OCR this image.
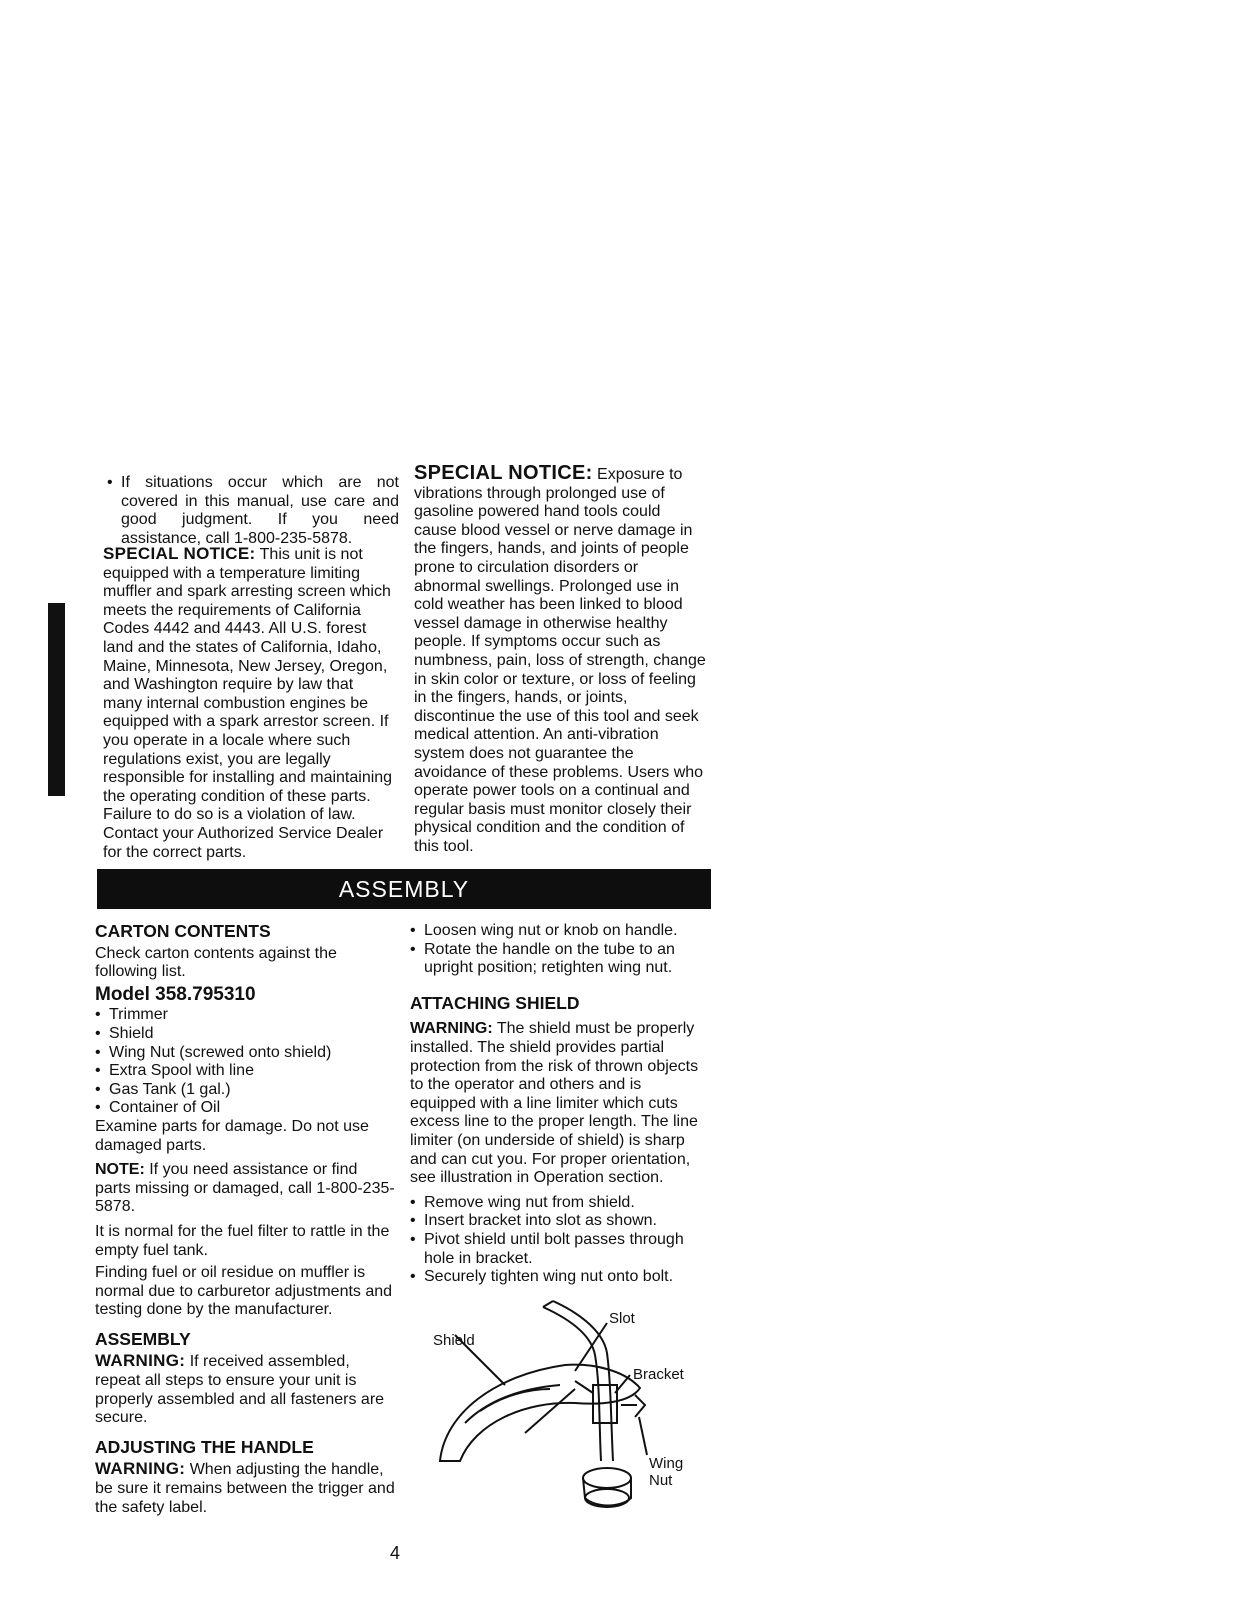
• If situations occur which are not covered in this manual, use care and good judgment. If you need assistance, call 1-800-235-5878.

SPECIAL NOTICE: This unit is not equipped with a temperature limiting muffler and spark arresting screen which meets the requirements of California Codes 4442 and 4443. All U.S. forest land and the states of California, Idaho, Maine, Minnesota, New Jersey, Oregon, and Washington require by law that many internal combustion engines be equipped with a spark arrestor screen. If you operate in a locale where such regulations exist, you are legally responsible for installing and maintaining the operating condition of these parts. Failure to do so is a violation of law. Contact your Authorized Service Dealer for the correct parts.

SPECIAL NOTICE: Exposure to vibrations through prolonged use of gasoline powered hand tools could cause blood vessel or nerve damage in the fingers, hands, and joints of people prone to circulation disorders or abnormal swellings. Prolonged use in cold weather has been linked to blood vessel damage in otherwise healthy people. If symptoms occur such as numbness, pain, loss of strength, change in skin color or texture, or loss of feeling in the fingers, hands, or joints, discontinue the use of this tool and seek medical attention. An anti-vibration system does not guarantee the avoidance of these problems. Users who operate power tools on a continual and regular basis must monitor closely their physical condition and the condition of this tool.

ASSEMBLY

CARTON CONTENTS

Check carton contents against the following list.

Model 358.795310

• Trimmer
• Shield
• Wing Nut (screwed onto shield)
• Extra Spool with line
• Gas Tank (1 gal.)
• Container of Oil

Examine parts for damage. Do not use damaged parts.

NOTE: If you need assistance or find parts missing or damaged, call 1-800-235-5878.

It is normal for the fuel filter to rattle in the empty fuel tank.

Finding fuel or oil residue on muffler is normal due to carburetor adjustments and testing done by the manufacturer.

ASSEMBLY

WARNING: If received assembled, repeat all steps to ensure your unit is properly assembled and all fasteners are secure.

ADJUSTING THE HANDLE

WARNING: When adjusting the handle, be sure it remains between the trigger and the safety label.

• Loosen wing nut or knob on handle.
• Rotate the handle on the tube to an upright position; retighten wing nut.

ATTACHING SHIELD

WARNING: The shield must be properly installed. The shield provides partial protection from the risk of thrown objects to the operator and others and is equipped with a line limiter which cuts excess line to the proper length. The line limiter (on underside of shield) is sharp and can cut you. For proper orientation, see illustration in Operation section.

• Remove wing nut from shield.
• Insert bracket into slot as shown.
• Pivot shield until bolt passes through hole in bracket.
• Securely tighten wing nut onto bolt.
Shield
Slot
Bracket
Wing
Nut
4
